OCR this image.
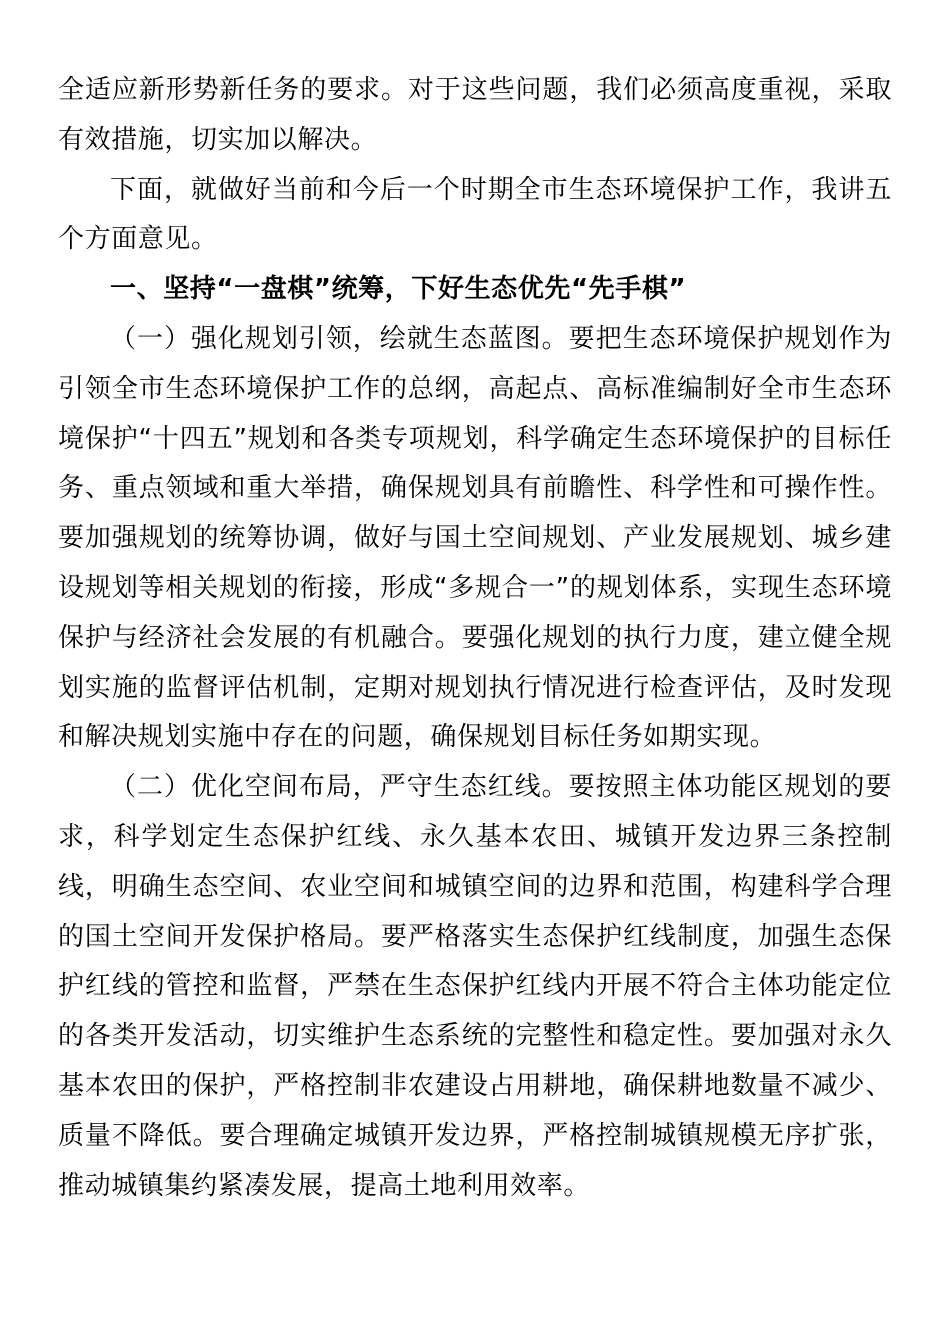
全适应新形势新任务的要求。对于这些问题，我们必须高度重视，采取有效措施，切实加以解决。

下面，就做好当前和今后一个时期全市生态环境保护工作，我讲五个方面意见。

一、坚持“一盘棋”统筹，下好生态优先“先手棋”

（一）强化规划引领，绘就生态蓝图。要把生态环境保护规划作为引领全市生态环境保护工作的总纲，高起点、高标准编制好全市生态环境保护“十四五”规划和各类专项规划，科学确定生态环境保护的目标任务、重点领域和重大举措，确保规划具有前瞻性、科学性和可操作性。要加强规划的统筹协调，做好与国土空间规划、产业发展规划、城乡建设规划等相关规划的衔接，形成“多规合一”的规划体系，实现生态环境保护与经济社会发展的有机融合。要强化规划的执行力度，建立健全规划实施的监督评估机制，定期对规划执行情况进行检查评估，及时发现和解决规划实施中存在的问题，确保规划目标任务如期实现。

（二）优化空间布局，严守生态红线。要按照主体功能区规划的要求，科学划定生态保护红线、永久基本农田、城镇开发边界三条控制线，明确生态空间、农业空间和城镇空间的边界和范围，构建科学合理的国土空间开发保护格局。要严格落实生态保护红线制度，加强生态保护红线的管控和监督，严禁在生态保护红线内开展不符合主体功能定位的各类开发活动，切实维护生态系统的完整性和稳定性。要加强对永久基本农田的保护，严格控制非农建设占用耕地，确保耕地数量不减少、质量不降低。要合理确定城镇开发边界，严格控制城镇规模无序扩张，推动城镇集约紧凑发展，提高土地利用效率。
